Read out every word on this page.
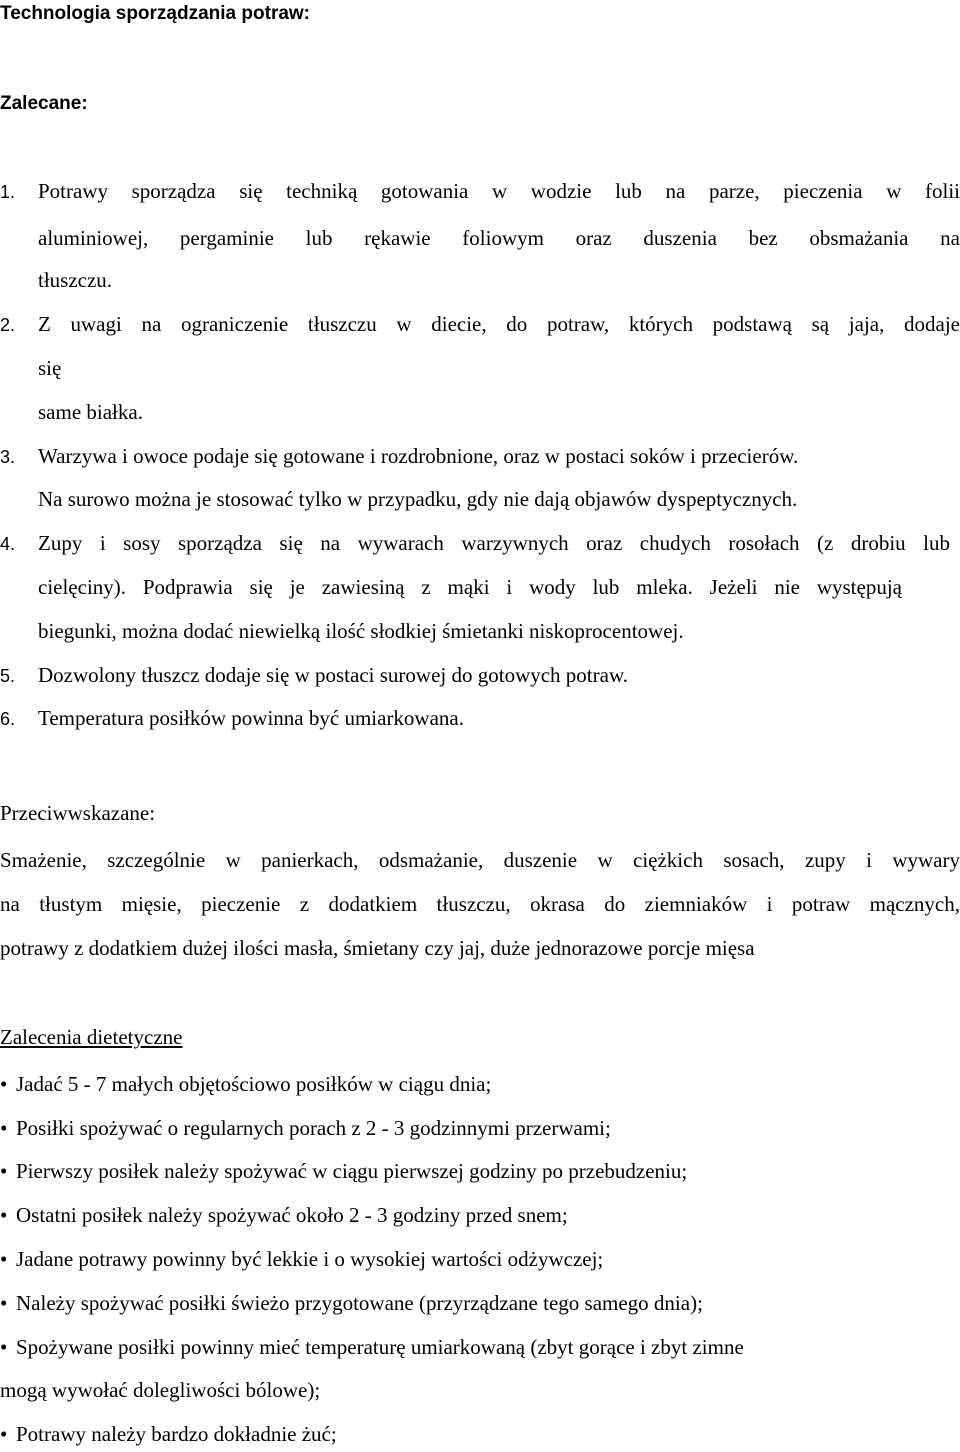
Technologia sporządzania potraw:
Zalecane:
1. Potrawy sporządza się techniką gotowania w wodzie lub na parze, pieczenia w folii
aluminiowej, pergaminie lub rękawie foliowym oraz duszenia bez obsmażania na
tłuszczu.
2. Z uwagi na ograniczenie tłuszczu w diecie, do potraw, których podstawą są jaja, dodaje
się
same białka.
3. Warzywa i owoce podaje się gotowane i rozdrobnione, oraz w postaci soków i przecierów.
Na surowo można je stosować tylko w przypadku, gdy nie dają objawów dyspeptycznych.
4. Zupy i sosy sporządza się na wywarach warzywnych oraz chudych rosołach (z drobiu lub
cielęciny). Podprawia się je zawiesiną z mąki i wody lub mleka. Jeżeli nie występują
biegunki, można dodać niewielką ilość słodkiej śmietanki niskoprocentowej.
5. Dozwolony tłuszcz dodaje się w postaci surowej do gotowych potraw.
6. Temperatura posiłków powinna być umiarkowana.
Przeciwwskazane:
Smażenie, szczególnie w panierkach, odsmażanie, duszenie w ciężkich sosach, zupy i wywary
na tłustym mięsie, pieczenie z dodatkiem tłuszczu, okrasa do ziemniaków i potraw mącznych,
potrawy z dodatkiem dużej ilości masła, śmietany czy jaj, duże jednorazowe porcje mięsa
Zalecenia dietetyczne
• Jadać 5 - 7 małych objętościowo posiłków w ciągu dnia;
• Posiłki spożywać o regularnych porach z 2 - 3 godzinnymi przerwami;
• Pierwszy posiłek należy spożywać w ciągu pierwszej godziny po przebudzeniu;
• Ostatni posiłek należy spożywać około 2 - 3 godziny przed snem;
• Jadane potrawy powinny być lekkie i o wysokiej wartości odżywczej;
• Należy spożywać posiłki świeżo przygotowane (przyrządzane tego samego dnia);
• Spożywane posiłki powinny mieć temperaturę umiarkowaną (zbyt gorące i zbyt zimne
mogą wywołać dolegliwości bólowe);
• Potrawy należy bardzo dokładnie żuć;
